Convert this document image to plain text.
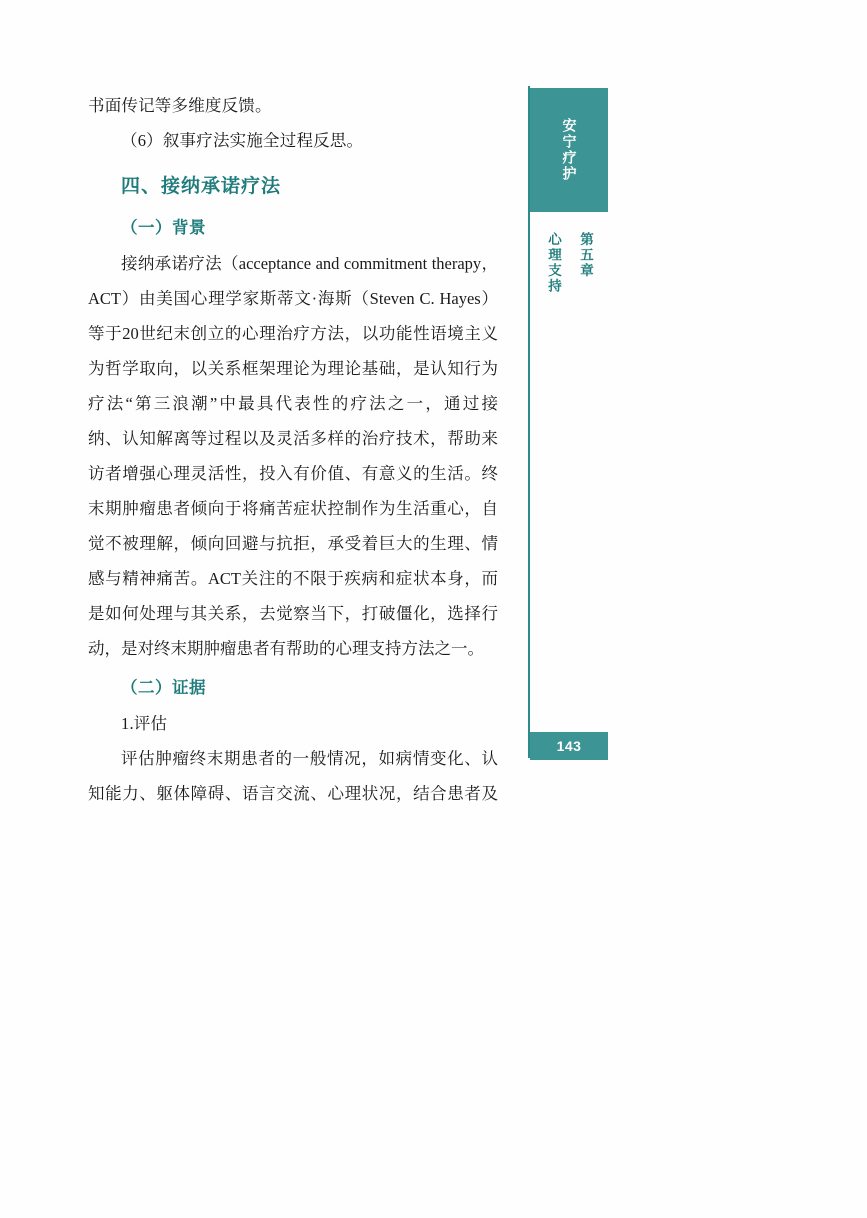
书面传记等多维度反馈。
（6）叙事疗法实施全过程反思。
四、接纳承诺疗法
（一）背景
接纳承诺疗法（acceptance and commitment therapy，
ACT）由美国心理学家斯蒂文·海斯（Steven C. Hayes）
等于20世纪末创立的心理治疗方法，以功能性语境主义
为哲学取向，以关系框架理论为理论基础，是认知行为
疗法“第三浪潮”中最具代表性的疗法之一，通过接
纳、认知解离等过程以及灵活多样的治疗技术，帮助来
访者增强心理灵活性，投入有价值、有意义的生活。终
末期肿瘤患者倾向于将痛苦症状控制作为生活重心，自
觉不被理解，倾向回避与抗拒，承受着巨大的生理、情
感与精神痛苦。ACT关注的不限于疾病和症状本身，而
是如何处理与其关系，去觉察当下，打破僵化，选择行
动，是对终末期肿瘤患者有帮助的心理支持方法之一。
（二）证据
1.评估
评估肿瘤终末期患者的一般情况，如病情变化、认
知能力、躯体障碍、语言交流、心理状况，结合患者及
安宁疗护
第五章
心理支持
143
